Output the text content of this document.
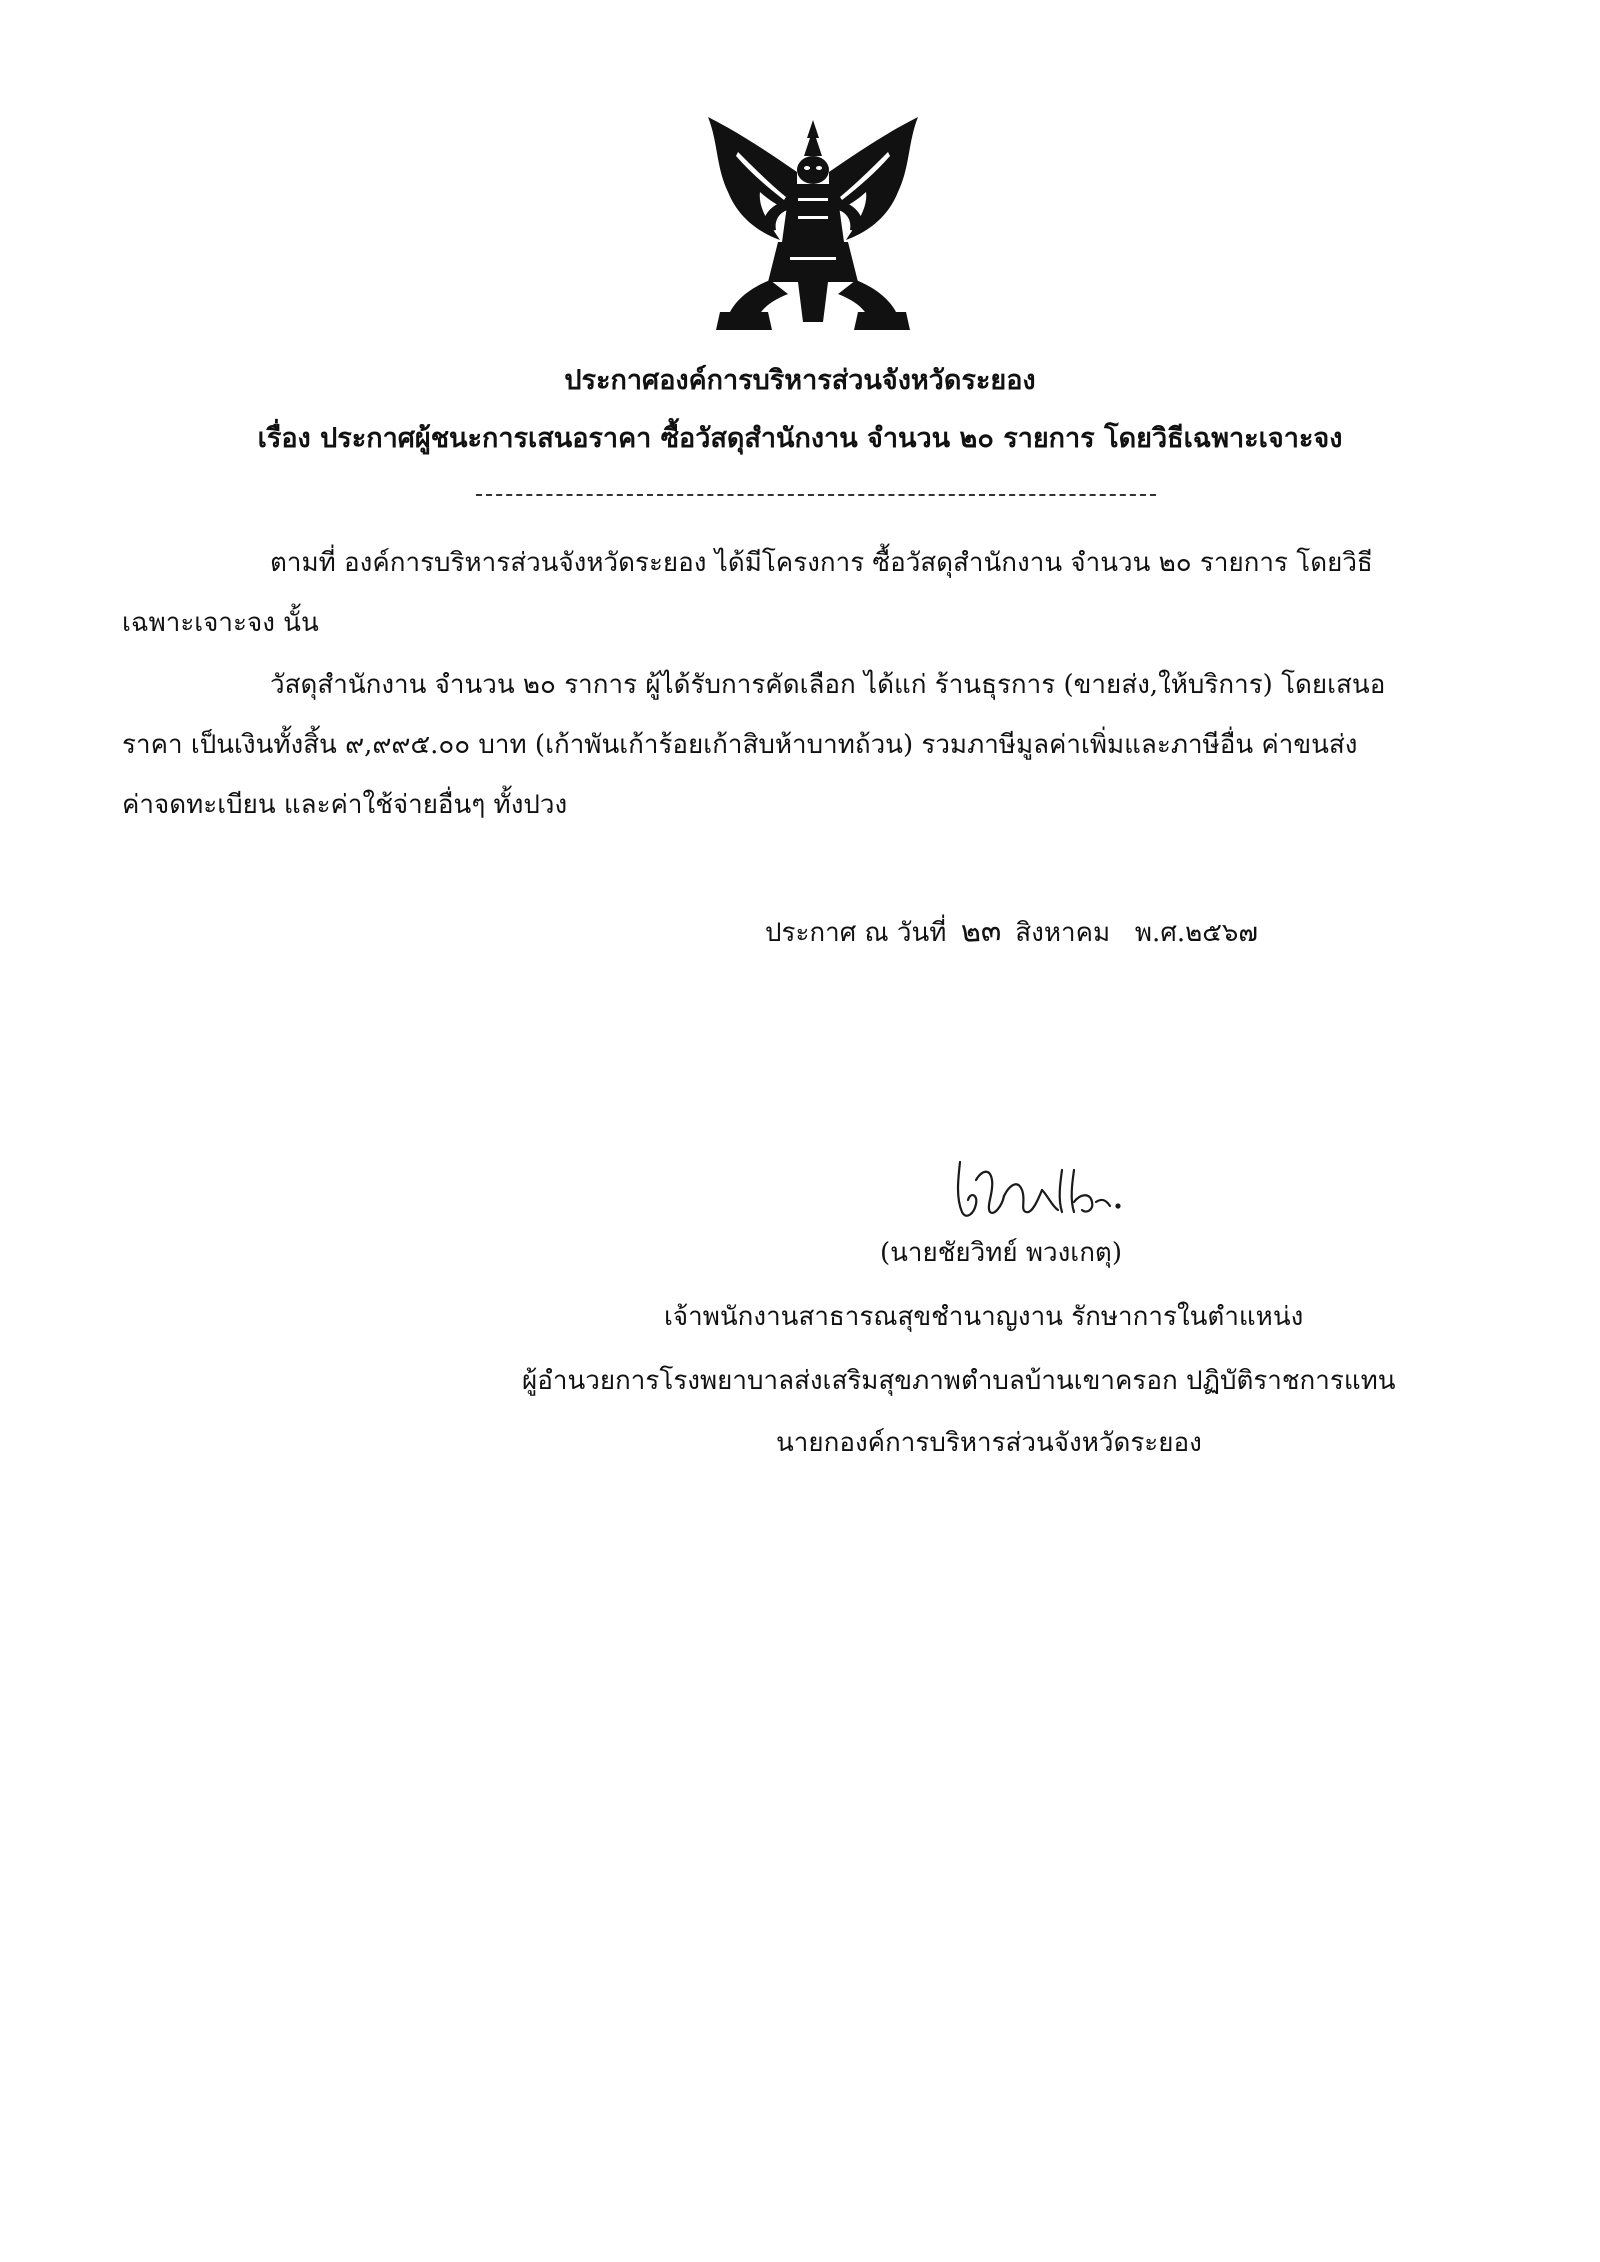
ประกาศองค์การบริหารส่วนจังหวัดระยอง
เรื่อง ประกาศผู้ชนะการเสนอราคา ซื้อวัสดุสำนักงาน จำนวน ๒๐ รายการ โดยวิธีเฉพาะเจาะจง
ตามที่ องค์การบริหารส่วนจังหวัดระยอง ได้มีโครงการ ซื้อวัสดุสำนักงาน จำนวน ๒๐ รายการ โดยวิธี
เฉพาะเจาะจง นั้น
วัสดุสำนักงาน จำนวน ๒๐ ราการ ผู้ได้รับการคัดเลือก ได้แก่ ร้านธุรการ (ขายส่ง,ให้บริการ) โดยเสนอ
ราคา เป็นเงินทั้งสิ้น ๙,๙๙๕.๐๐ บาท (เก้าพันเก้าร้อยเก้าสิบห้าบาทถ้วน) รวมภาษีมูลค่าเพิ่มและภาษีอื่น ค่าขนส่ง
ค่าจดทะเบียน และค่าใช้จ่ายอื่นๆ ทั้งปวง
ประกาศ ณ วันที่ ๒๓ สิงหาคม พ.ศ.๒๕๖๗
(นายชัยวิทย์ พวงเกตุ)
เจ้าพนักงานสาธารณสุขชำนาญงาน รักษาการในตำแหน่ง
ผู้อำนวยการโรงพยาบาลส่งเสริมสุขภาพตำบลบ้านเขาครอก ปฏิบัติราชการแทน
นายกองค์การบริหารส่วนจังหวัดระยอง
